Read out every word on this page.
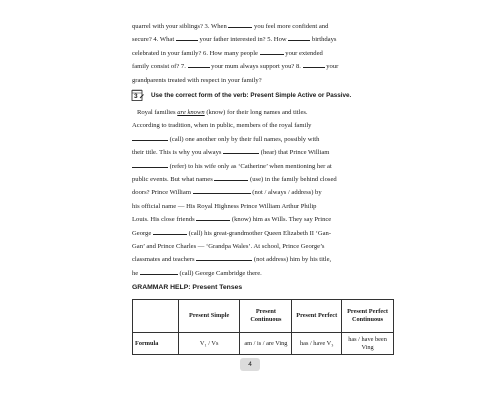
quarrel with your siblings? 3. When	you feel more confident and

secure? 4. What	your father interested in? 5. How	birthdays

celebrated in your family? 6. How many people	your extended

family consist of? 7.	your mum always support you? 8.	your

grandparents treated with respect in your family?

3 Use the correct form of the verb: Present Simple Active or Passive.

Royal families are known (know) for their long names and titles.

According to tradition, when in public, members of the royal family

(call) one another only by their full names, possibly with

their title. This is why you always	(hear) that Prince William

(refer) to his wife only as ‘Catherine’ when mentioning her at

public events. But what names	(use) in the family behind closed

doors? Prince William	(not / always / address) by

his official name — His Royal Highness Prince William Arthur Philip

Louis. His close friends	(know) him as Wills. They say Prince

George	(call) his great-grandmother Queen Elizabeth II ‘Gan-

Gan’ and Prince Charles — ‘Grandpa Wales’. At school, Prince George’s

classmates and teachers	(not address) him by his title,

he	(call) George Cambridge there.

GRAMMAR HELP: Present Tenses
	Present Simple	Present Continuous	Present Perfect	Present Perfect Continuous
Formula	V₁ / Vs	am / is / are Ving	has / have V₃	has / have been Ving
4
